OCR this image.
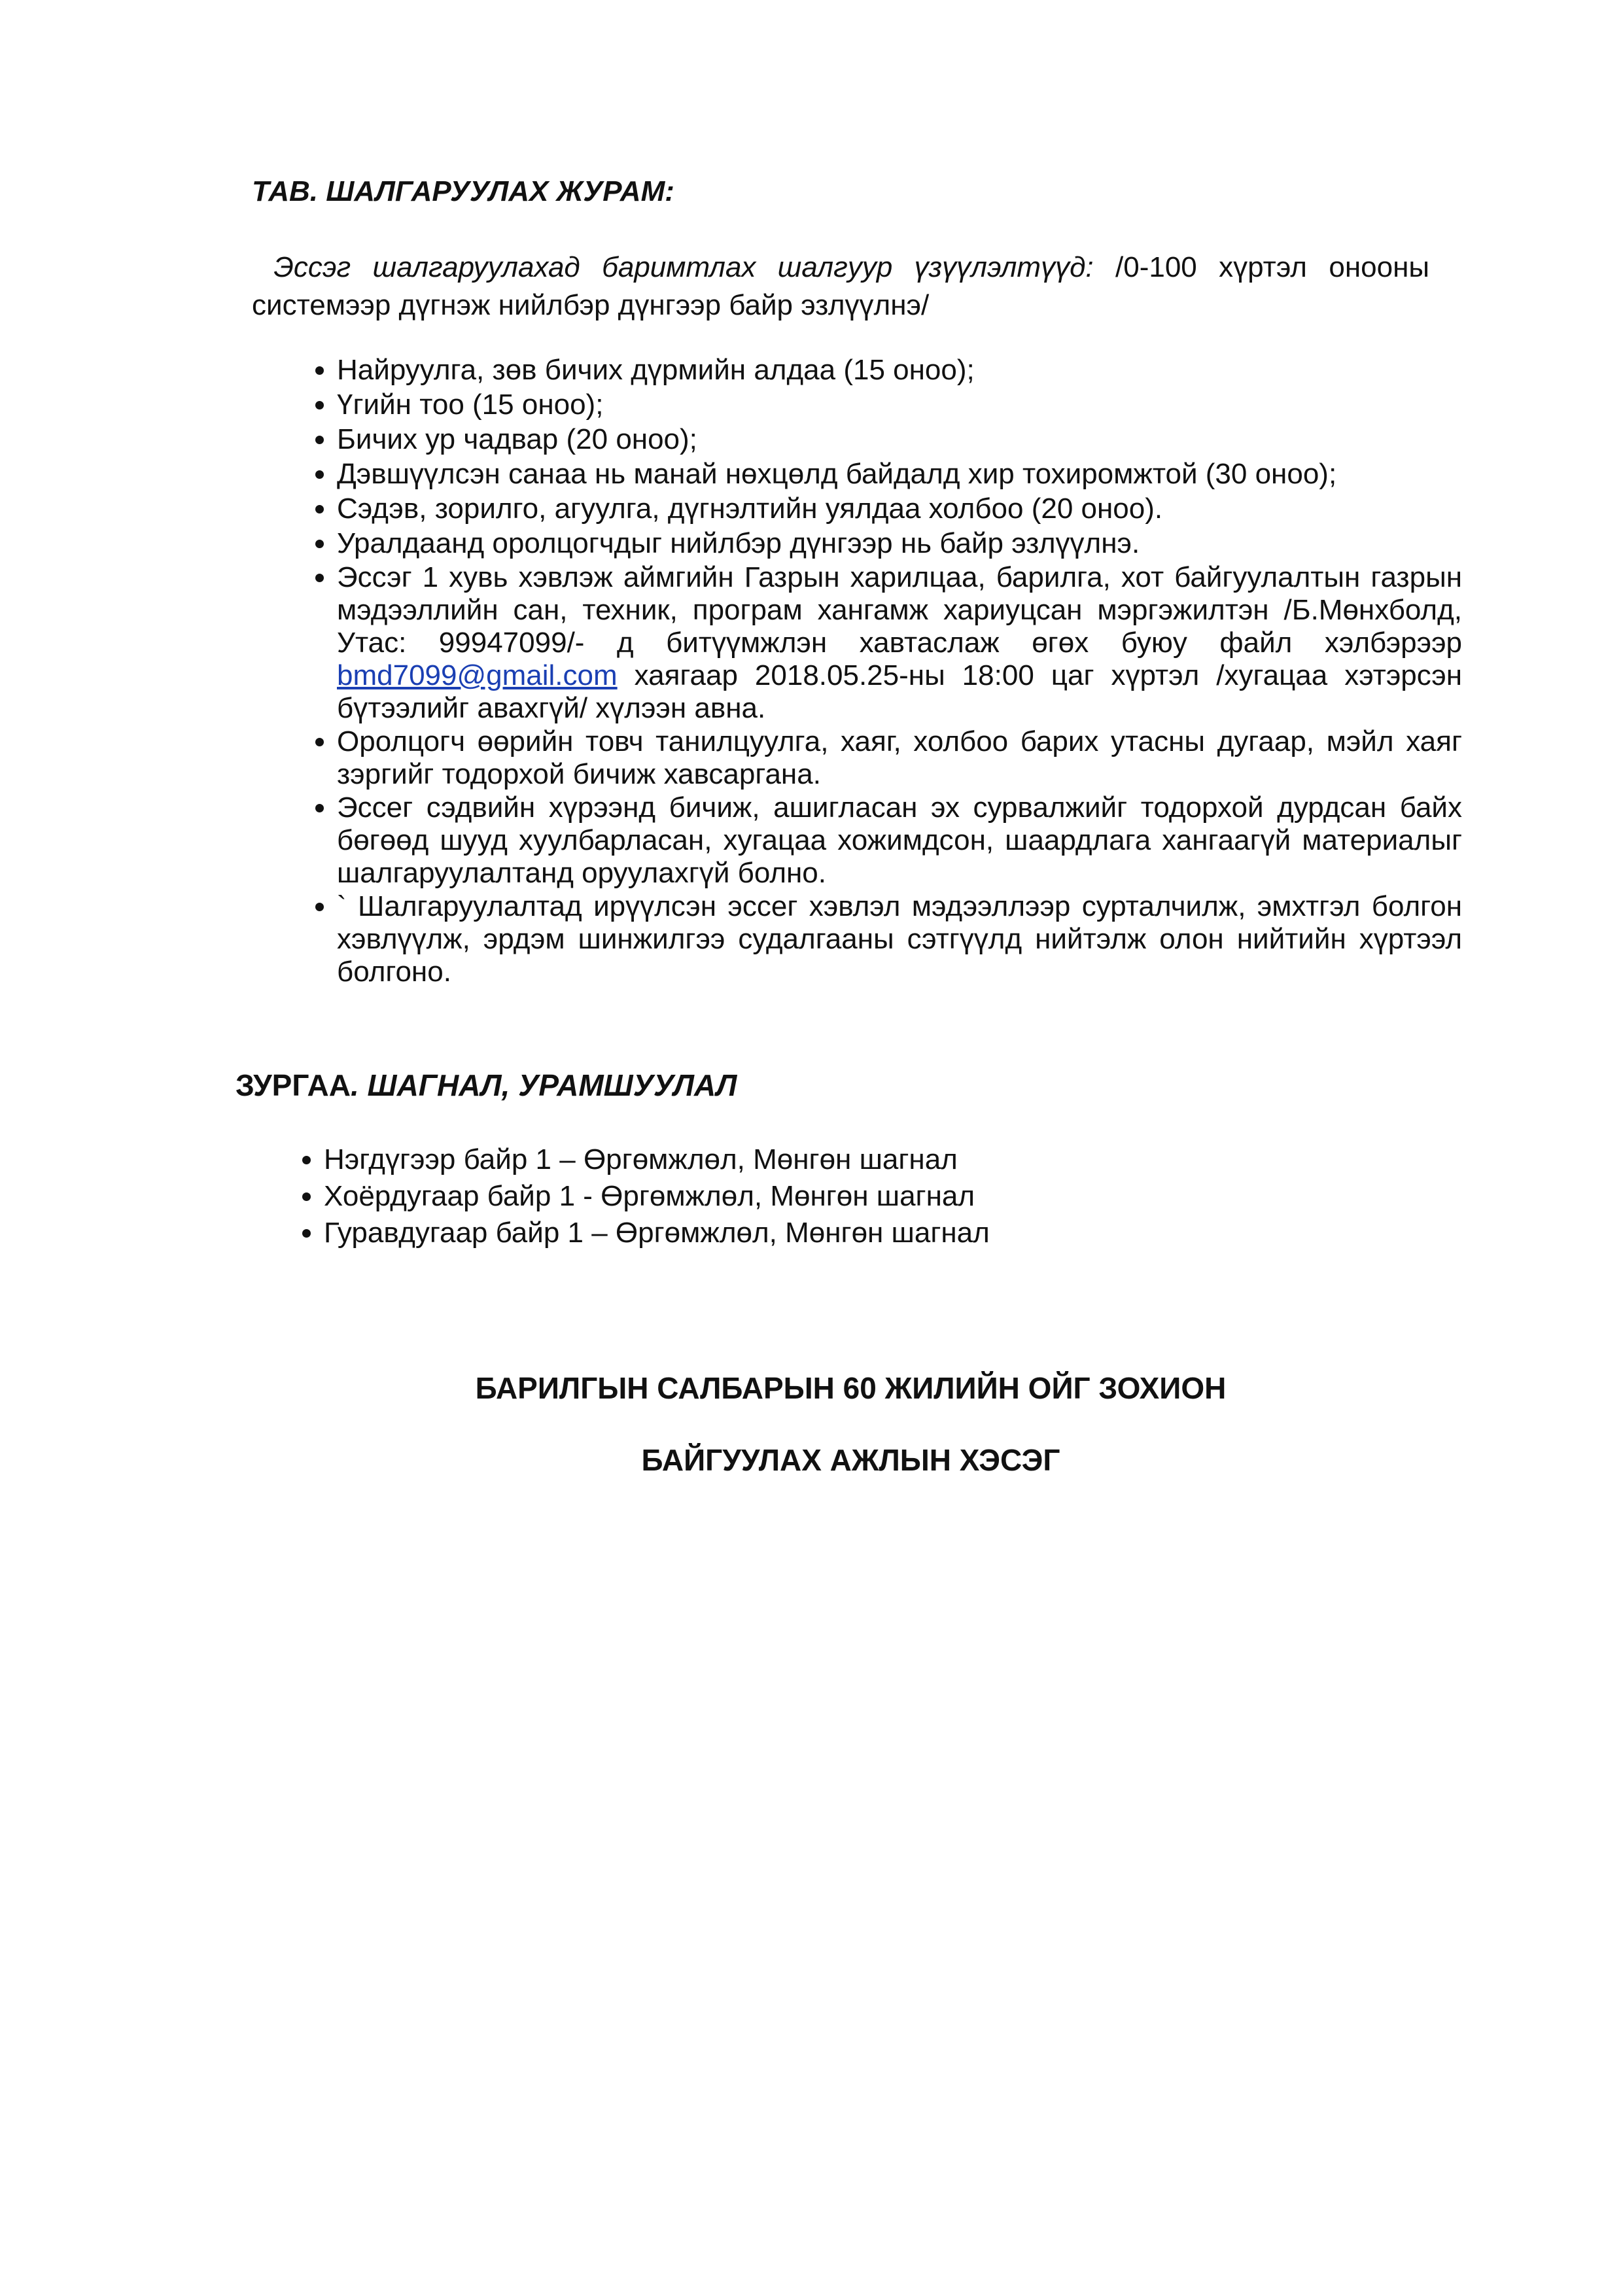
ТАВ. ШАЛГАРУУЛАХ ЖУРАМ:

Эссэг шалгаруулахад баримтлах шалгуур үзүүлэлтүүд: /0-100 хүртэл онооны системээр дүгнэж нийлбэр дүнгээр байр эзлүүлнэ/

• Найруулга, зөв бичих дүрмийн алдаа (15 оноо);
• Үгийн тоо (15 оноо);
• Бичих ур чадвар (20 оноо);
• Дэвшүүлсэн санаа нь манай нөхцөлд байдалд хир тохиромжтой (30 оноо);
• Сэдэв, зорилго, агуулга, дүгнэлтийн уялдаа холбоо (20 оноо).
• Уралдаанд оролцогчдыг нийлбэр дүнгээр нь байр эзлүүлнэ.
• Эссэг 1 хувь хэвлэж аймгийн Газрын харилцаа, барилга, хот байгуулалтын газрын мэдээллийн сан, техник, програм хангамж хариуцсан мэргэжилтэн /Б.Мөнхболд, Утас: 99947099/- д битүүмжлэн хавтаслаж өгөх буюу файл хэлбэрээр bmd7099@gmail.com хаягаар 2018.05.25-ны 18:00 цаг хүртэл /хугацаа хэтэрсэн бүтээлийг авахгүй/ хүлээн авна.
• Оролцогч өөрийн товч танилцуулга, хаяг, холбоо барих утасны дугаар, мэйл хаяг зэргийг тодорхой бичиж хавсаргана.
• Эссег сэдвийн хүрээнд бичиж, ашигласан эх сурвалжийг тодорхой дурдсан байх бөгөөд шууд хуулбарласан, хугацаа хожимдсон, шаардлага хангаагүй материалыг шалгаруулалтанд оруулахгүй болно.
• ` Шалгаруулалтад ирүүлсэн эссег хэвлэл мэдээллээр сурталчилж, эмхтгэл болгон хэвлүүлж, эрдэм шинжилгээ судалгааны сэтгүүлд нийтэлж олон нийтийн хүртээл болгоно.
ЗУРГАА. ШАГНАЛ, УРАМШУУЛАЛ
• Нэгдүгээр байр 1 – Өргөмжлөл, Мөнгөн шагнал
• Хоёрдугаар байр 1 - Өргөмжлөл, Мөнгөн шагнал
• Гуравдугаар байр 1 – Өргөмжлөл, Мөнгөн шагнал

БАРИЛГЫН САЛБАРЫН 60 ЖИЛИЙН ОЙГ ЗОХИОН

БАЙГУУЛАХ АЖЛЫН ХЭСЭГ
